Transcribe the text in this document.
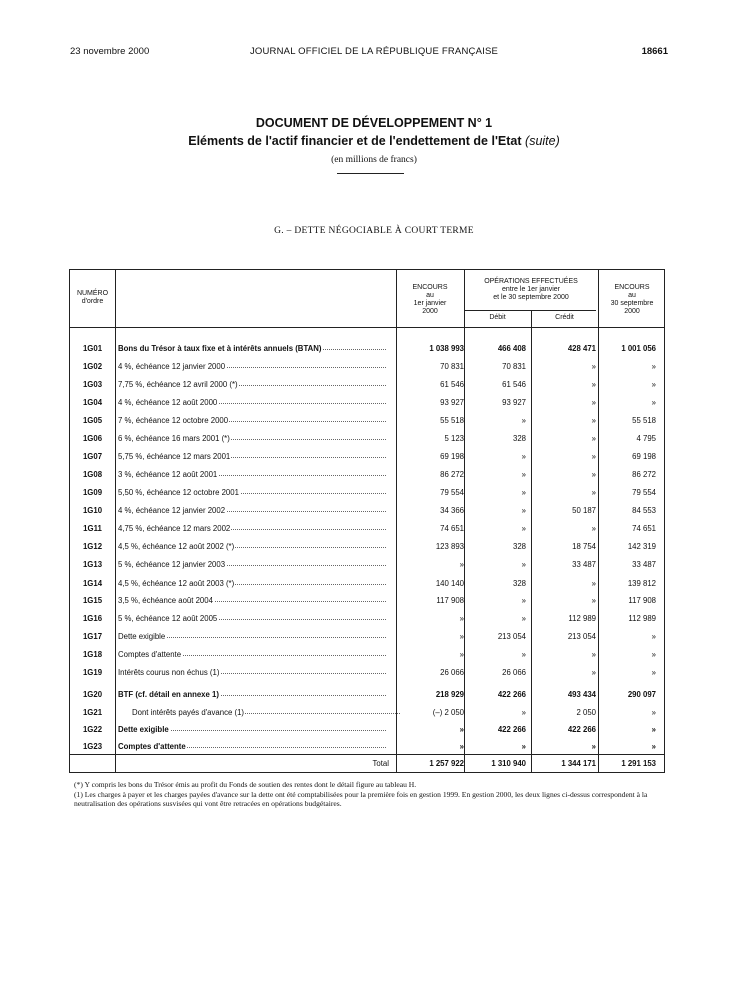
23 novembre 2000	JOURNAL OFFICIEL DE LA RÉPUBLIQUE FRANÇAISE	18661
DOCUMENT DE DÉVELOPPEMENT N° 1
Eléments de l'actif financier et de l'endettement de l'Etat (suite)
(en millions de francs)
G. – DETTE NÉGOCIABLE À COURT TERME
NUMÉRO
d'ordre
ENCOURS
au
1er janvier
2000
OPÉRATIONS EFFECTUÉES
entre le 1er janvier
et le 30 septembre 2000
Débit	Crédit
ENCOURS
au
30 septembre
2000
1G01	Bons du Trésor à taux fixe et à intérêts annuels (BTAN)	1 038 993	466 408	428 471	1 001 056
1G02	4 %, échéance 12 janvier 2000	70 831	70 831	»	»
1G03	7,75 %, échéance 12 avril 2000 (*)	61 546	61 546	»	»
1G04	4 %, échéance 12 août 2000	93 927	93 927	»	»
1G05	7 %, échéance 12 octobre 2000	55 518	»	»	55 518
1G06	6 %, échéance 16 mars 2001 (*)	5 123	328	»	4 795
1G07	5,75 %, échéance 12 mars 2001	69 198	»	»	69 198
1G08	3 %, échéance 12 août 2001	86 272	»	»	86 272
1G09	5,50 %, échéance 12 octobre 2001	79 554	»	»	79 554
1G10	4 %, échéance 12 janvier 2002	34 366	»	50 187	84 553
1G11	4,75 %, échéance 12 mars 2002	74 651	»	»	74 651
1G12	4,5 %, échéance 12 août 2002 (*)	123 893	328	18 754	142 319
1G13	5 %, échéance 12 janvier 2003	»	»	33 487	33 487
1G14	4,5 %, échéance 12 août 2003 (*)	140 140	328	»	139 812
1G15	3,5 %, échéance août 2004	117 908	»	»	117 908
1G16	5 %, échéance 12 août 2005	»	»	112 989	112 989
1G17	Dette exigible	»	213 054	213 054	»
1G18	Comptes d'attente	»	»	»	»
1G19	Intérêts courus non échus (1)	26 066	26 066	»	»
1G20	BTF (cf. détail en annexe 1)	218 929	422 266	493 434	290 097
1G21	Dont intérêts payés d'avance (1)	(–) 2 050	»	2 050	»
1G22	Dette exigible	»	422 266	422 266	»
1G23	Comptes d'attente	»	»	»	»
Total	1 257 922	1 310 940	1 344 171	1 291 153
(*) Y compris les bons du Trésor émis au profit du Fonds de soutien des rentes dont le détail figure au tableau H.
(1) Les charges à payer et les charges payées d'avance sur la dette ont été comptabilisées pour la première fois en gestion 1999. En gestion 2000, les deux lignes ci-dessus correspondent à la neutralisation des opérations susvisées qui vont être retracées en opérations budgétaires.
